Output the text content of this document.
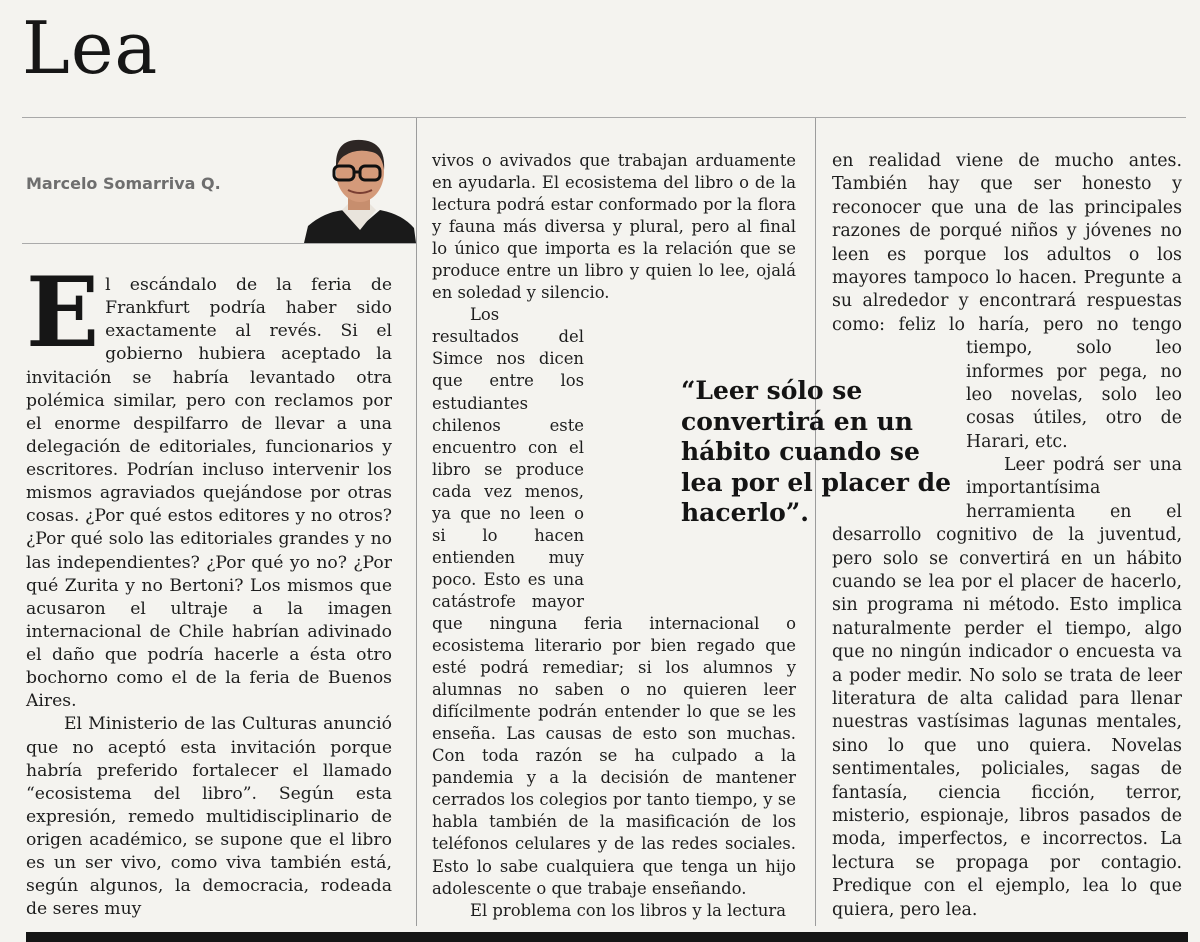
Lea
Marcelo Somarriva Q.

El escándalo de la feria de Frankfurt podría haber sido exactamente al revés. Si el gobierno hubiera aceptado la invitación se habría levantado otra polémica similar, pero con reclamos por el enorme despilfarro de llevar a una delegación de editoriales, funcionarios y escritores. Podrían incluso intervenir los mismos agraviados quejándose por otras cosas. ¿Por qué estos editores y no otros? ¿Por qué solo las editoriales grandes y no las independientes? ¿Por qué yo no? ¿Por qué Zurita y no Bertoni? Los mismos que acusaron el ultraje a la imagen internacional de Chile habrían adivinado el daño que podría hacerle a ésta otro bochorno como el de la feria de Buenos Aires.

El Ministerio de las Culturas anunció que no aceptó esta invitación porque habría preferido fortalecer el llamado “ecosistema del libro”. Según esta expresión, remedo multidisciplinario de origen académico, se supone que el libro es un ser vivo, como viva también está, según algunos, la democracia, rodeada de seres muy

vivos o avivados que trabajan arduamente en ayudarla. El ecosistema del libro o de la lectura podrá estar conformado por la flora y fauna más diversa y plural, pero al final lo único que importa es la relación que se produce entre un libro y quien lo lee, ojalá en soledad y silencio.

Los resultados del Simce nos dicen que entre los estudiantes chilenos este encuentro con el libro se produce cada vez menos, ya que no leen o si lo hacen entienden muy poco. Esto es una catástrofe mayor que ninguna feria internacional o ecosistema literario por bien regado que esté podrá remediar; si los alumnos y alumnas no saben o no quieren leer difícilmente podrán entender lo que se les enseña. Las causas de esto son muchas. Con toda razón se ha culpado a la pandemia y a la decisión de mantener cerrados los colegios por tanto tiempo, y se habla también de la masificación de los teléfonos celulares y de las redes sociales. Esto lo sabe cualquiera que tenga un hijo adolescente o que trabaje enseñando.

El problema con los libros y la lectura

en realidad viene de mucho antes. También hay que ser honesto y reconocer que una de las principales razones de porqué niños y jóvenes no leen es porque los adultos o los mayores tampoco lo hacen. Pregunte a su alrededor y encontrará respuestas como: feliz lo haría, pero no tengo tiempo, solo leo informes por pega, no leo novelas, solo leo cosas útiles, otro de Harari, etc.

Leer podrá ser una importantísima herramienta en el desarrollo cognitivo de la juventud, pero solo se convertirá en un hábito cuando se lea por el placer de hacerlo, sin programa ni método. Esto implica naturalmente perder el tiempo, algo que no ningún indicador o encuesta va a poder medir. No solo se trata de leer literatura de alta calidad para llenar nuestras vastísimas lagunas mentales, sino lo que uno quiera. Novelas sentimentales, policiales, sagas de fantasía, ciencia ficción, terror, misterio, espionaje, libros pasados de moda, imperfectos, e incorrectos. La lectura se propaga por contagio. Predique con el ejemplo, lea lo que quiera, pero lea.

“Leer sólo se convertirá en un hábito cuando se lea por el placer de hacerlo”.
